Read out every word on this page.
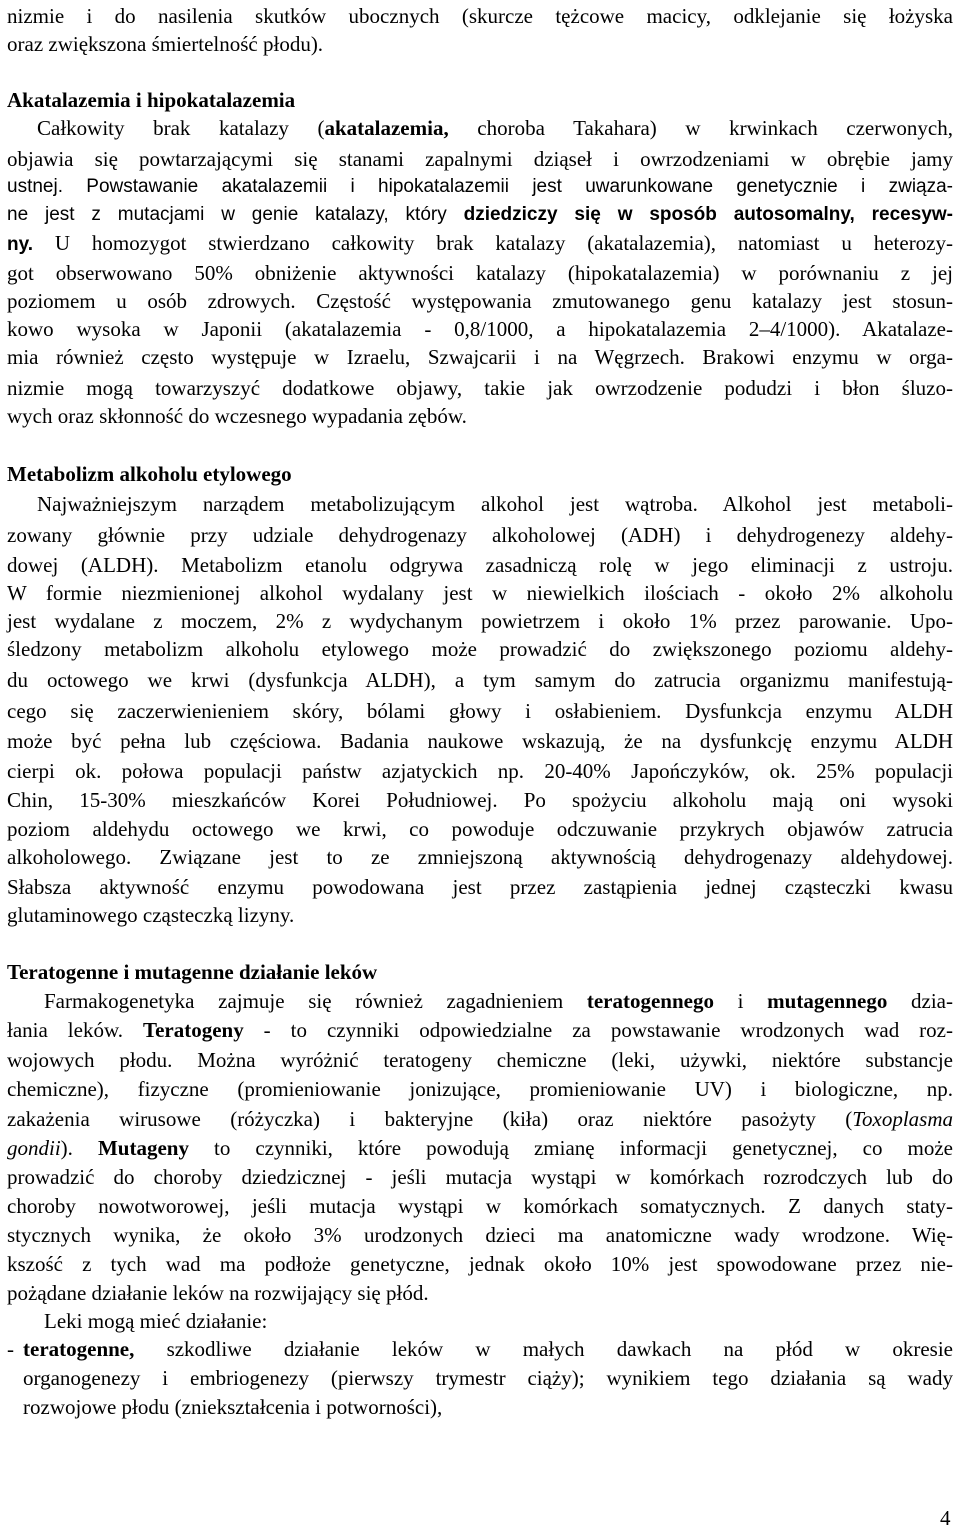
nizmie i do nasilenia skutków ubocznych (skurcze tężcowe macicy, odklejanie się łożyska
oraz zwiększona śmiertelność płodu).
Akatalazemia i hipokatalazemia
Całkowity brak katalazy (akatalazemia, choroba Takahara) w krwinkach czerwonych,
objawia się powtarzającymi się stanami zapalnymi dziąseł i owrzodzeniami w obrębie jamy
ustnej. Powstawanie akatalazemii i hipokatalazemii jest uwarunkowane genetycznie i związa-
ne jest z mutacjami w genie katalazy, który dziedziczy się w sposób autosomalny, recesyw-
ny. U homozygot stwierdzano całkowity brak katalazy (akatalazemia), natomiast u heterozy-
got obserwowano 50% obniżenie aktywności katalazy (hipokatalazemia) w porównaniu z jej
poziomem u osób zdrowych. Częstość występowania zmutowanego genu katalazy jest stosun-
kowo wysoka w Japonii (akatalazemia - 0,8/1000, a hipokatalazemia 2–4/1000). Akatalaze-
mia również często występuje w Izraelu, Szwajcarii i na Węgrzech. Brakowi enzymu w orga-
nizmie mogą towarzyszyć dodatkowe objawy, takie jak owrzodzenie podudzi i błon śluzo-
wych oraz skłonność do wczesnego wypadania zębów.
Metabolizm alkoholu etylowego
Najważniejszym narządem metabolizującym alkohol jest wątroba. Alkohol jest metaboli-
zowany głównie przy udziale dehydrogenazy alkoholowej (ADH) i dehydrogenezy aldehy-
dowej (ALDH). Metabolizm etanolu odgrywa zasadniczą rolę w jego eliminacji z ustroju.
W formie niezmienionej alkohol wydalany jest w niewielkich ilościach - około 2% alkoholu
jest wydalane z moczem, 2% z wydychanym powietrzem i około 1% przez parowanie. Upo-
śledzony metabolizm alkoholu etylowego może prowadzić do zwiększonego poziomu aldehy-
du octowego we krwi (dysfunkcja ALDH), a tym samym do zatrucia organizmu manifestują-
cego się zaczerwienieniem skóry, bólami głowy i osłabieniem. Dysfunkcja enzymu ALDH
może być pełna lub częściowa. Badania naukowe wskazują, że na dysfunkcję enzymu ALDH
cierpi ok. połowa populacji państw azjatyckich np. 20-40% Japończyków, ok. 25% populacji
Chin, 15-30% mieszkańców Korei Południowej. Po spożyciu alkoholu mają oni wysoki
poziom aldehydu octowego we krwi, co powoduje odczuwanie przykrych objawów zatrucia
alkoholowego. Związane jest to ze zmniejszoną aktywnością dehydrogenazy aldehydowej.
Słabsza aktywność enzymu powodowana jest przez zastąpienia jednej cząsteczki kwasu
glutaminowego cząsteczką lizyny.
Teratogenne i mutagenne działanie leków
Farmakogenetyka zajmuje się również zagadnieniem teratogennego i mutagennego dzia-
łania leków. Teratogeny - to czynniki odpowiedzialne za powstawanie wrodzonych wad roz-
wojowych płodu. Można wyróżnić teratogeny chemiczne (leki, używki, niektóre substancje
chemiczne), fizyczne (promieniowanie jonizujące, promieniowanie UV) i biologiczne, np.
zakażenia wirusowe (różyczka) i bakteryjne (kiła) oraz niektóre pasożyty (Toxoplasma
gondii). Mutageny to czynniki, które powodują zmianę informacji genetycznej, co może
prowadzić do choroby dziedzicznej - jeśli mutacja wystąpi w komórkach rozrodczych lub do
choroby nowotworowej, jeśli mutacja wystąpi w komórkach somatycznych. Z danych staty-
stycznych wynika, że około 3% urodzonych dzieci ma anatomiczne wady wrodzone. Wię-
kszość z tych wad ma podłoże genetyczne, jednak około 10% jest spowodowane przez nie-
pożądane działanie leków na rozwijający się płód.
Leki mogą mieć działanie:
- teratogenne, szkodliwe działanie leków w małych dawkach na płód w okresie
organogenezy i embriogenezy (pierwszy trymestr ciąży); wynikiem tego działania są wady
rozwojowe płodu (zniekształcenia i potworności),
4
